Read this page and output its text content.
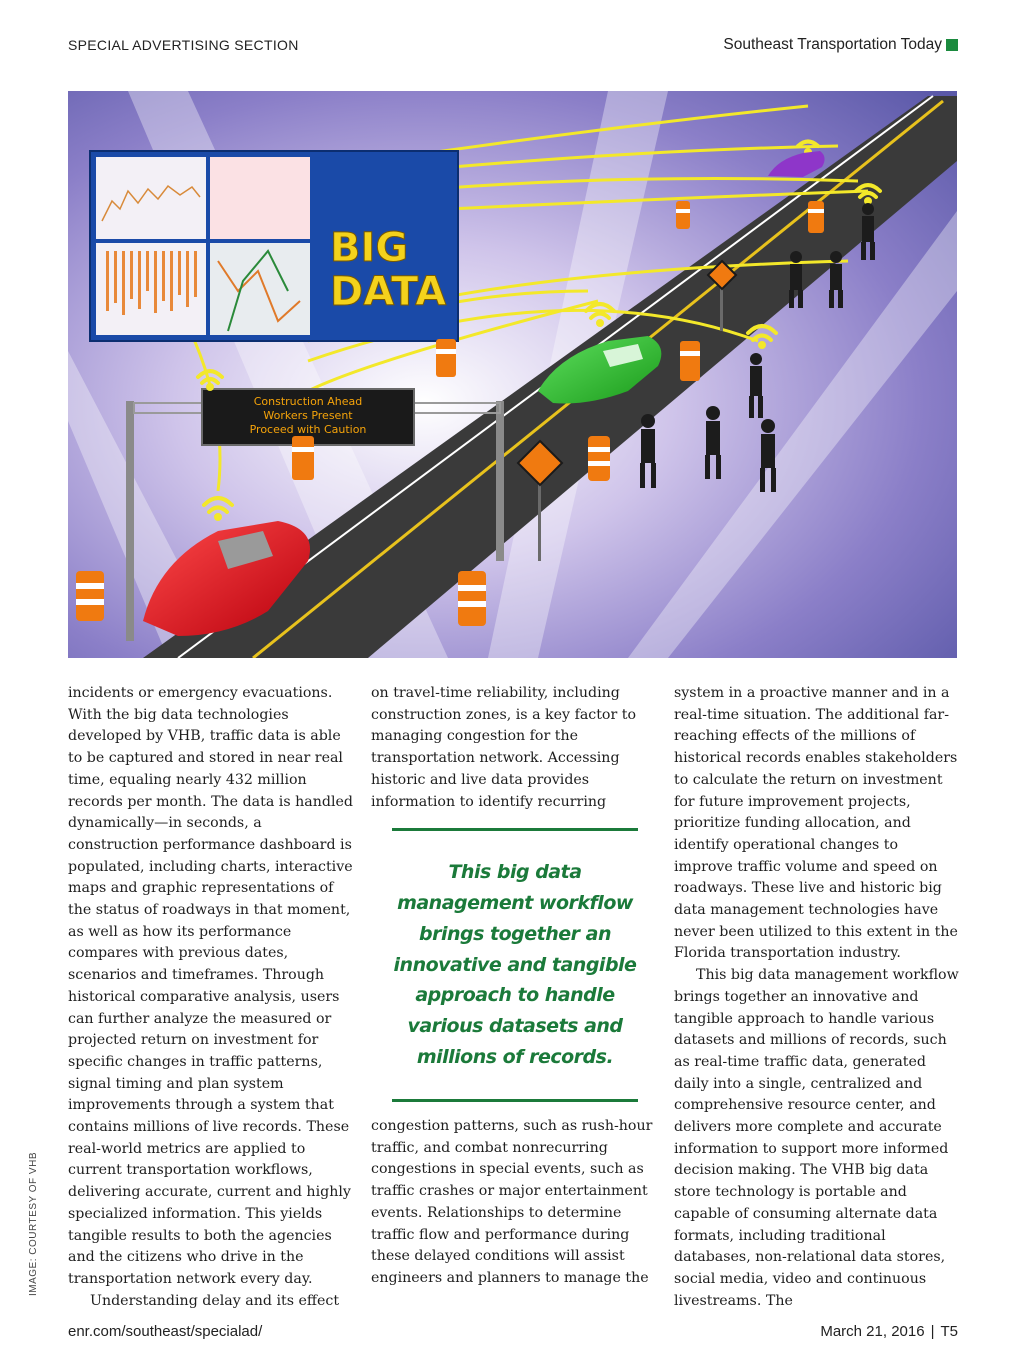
SPECIAL ADVERTISING SECTION	Southeast Transportation Today
BIG
DATA
Construction Ahead
Workers Present
Proceed with Caution

incidents or emergency evacuations. With the big data technologies developed by VHB, traffic data is able to be captured and stored in near real time, equaling nearly 432 million records per month. The data is handled dynamically—in seconds, a construction performance dashboard is populated, including charts, interactive maps and graphic representations of the status of roadways in that moment, as well as how its performance compares with previous dates, scenarios and timeframes. Through historical comparative analysis, users can further analyze the measured or projected return on investment for specific changes in traffic patterns, signal timing and plan system improvements through a system that contains millions of live records. These real-world metrics are applied to current transportation workflows, delivering accurate, current and highly specialized information. This yields tangible results to both the agencies and the citizens who drive in the transportation network every day.

Understanding delay and its effect

on travel-time reliability, including construction zones, is a key factor to managing congestion for the transportation network. Accessing historic and live data provides information to identify recurring

This big data management workflow brings together an innovative and tangible approach to handle various datasets and millions of records.

congestion patterns, such as rush-hour traffic, and combat nonrecurring congestions in special events, such as traffic crashes or major entertainment events. Relationships to determine traffic flow and performance during these delayed conditions will assist engineers and planners to manage the

system in a proactive manner and in a real-time situation. The additional far-reaching effects of the millions of historical records enables stakeholders to calculate the return on investment for future improvement projects, prioritize funding allocation, and identify operational changes to improve traffic volume and speed on roadways. These live and historic big data management technologies have never been utilized to this extent in the Florida transportation industry.

This big data management workflow brings together an innovative and tangible approach to handle various datasets and millions of records, such as real-time traffic data, generated daily into a single, centralized and comprehensive resource center, and delivers more complete and accurate information to support more informed decision making. The VHB big data store technology is portable and capable of consuming alternate data formats, including traditional databases, non-relational data stores, social media, video and continuous livestreams. The

IMAGE: COURTESY OF VHB
enr.com/southeast/specialad/	March 21, 2016 | T5
